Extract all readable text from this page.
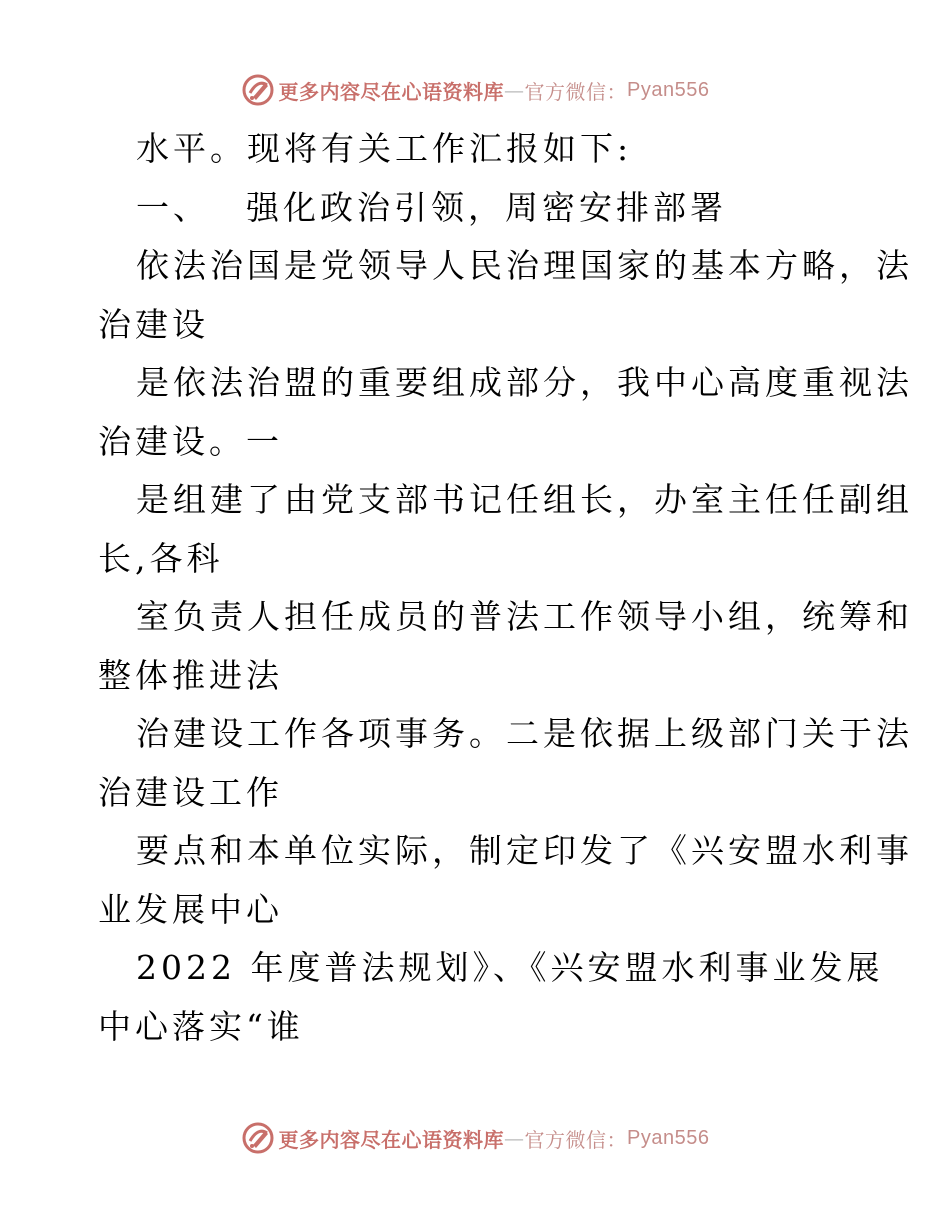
更多内容尽在心语资料库 — 官方微信： Pyan556
水平。现将有关工作汇报如下:
一、 强化政治引领，周密安排部署
依法治国是党领导人民治理国家的基本方略，法
治建设
是依法治盟的重要组成部分，我中心高度重视法
治建设。一
是组建了由党支部书记任组长，办室主任任副组
长,各科
室负责人担任成员的普法工作领导小组，统筹和
整体推进法
治建设工作各项事务。二是依据上级部门关于法
治建设工作
要点和本单位实际，制定印发了《兴安盟水利事
业发展中心
2022 年度普法规划》、《兴安盟水利事业发展
中心落实“谁
更多内容尽在心语资料库 — 官方微信： Pyan556
